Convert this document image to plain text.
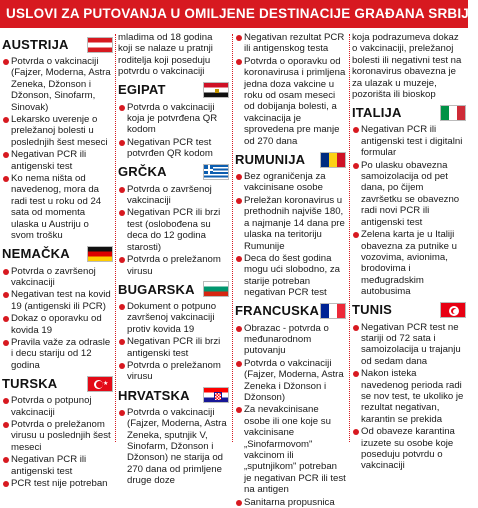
USLOVI ZA PUTOVANJA U OMILJENE DESTINACIJE GRAĐANA SRBIJE
AUSTRIJA
Potvrda o vakcinaciji (Fajzer, Moderna, Astra Zeneka, Džonson i Džonson, Sinofarm, Sinovak)
Lekarsko uverenje o preležanoj bolesti u poslednjih šest meseci
Negativan PCR ili antigenski test
Ko nema ništa od navedenog, mora da radi test u roku od 24 sata od momenta ulaska u Austriju o svom trošku
NEMAČKA
Potvrda o završenoj vakcinaciji
Negativan test na kovid 19 (antigenski ili PCR)
Dokaz o oporavku od kovida 19
Pravila važe za odrasle i decu stariju od 12 godina
TURSKA	★
Potvrda o potpunoj vakcinaciji
Potvrda o preležanom virusu u poslednjih šest meseci
Negativan PCR ili antigenski test
PCR test nije potreban
mladima od 18 godina koji se nalaze u pratnji roditelja koji poseduju potvrdu o vakcinaciji
EGIPAT
Potvrda o vakcinaciji koja je potvrđena QR kodom
Negativan PCR test potvrđen QR kodom
GRČKA
Potvrda o završenoj vakcinaciji
Negativan PCR ili brzi test (oslobođena su deca do 12 godina starosti)
Potvrda o preležanom virusu
BUGARSKA
Dokument o potpuno završenoj vakcinaciji protiv kovida 19
Negativan PCR ili brzi antigenski test
Potvrda o preležanom virusu
HRVATSKA
Potvrda o vakcinaciji (Fajzer, Moderna, Astra Zeneka, sputnjik V, Sinofarm, Džonson i Džonson) ne starija od 270 dana od primljene druge doze
Negativan rezultat PCR ili antigenskog testa
Potvrda o oporavku od koronavirusa i primljena jedna doza vakcine u roku od osam meseci od dobijanja bolesti, a vakcinacija je sprovedena pre manje od 270 dana
RUMUNIJA
Bez ograničenja za vakcinisane osobe
Preležan koronavirus u prethodnih najviše 180, a najmanje 14 dana pre ulaska na teritoriju Rumunije
Deca do šest godina mogu ući slobodno, za starije potreban negativan PCR test
FRANCUSKA
Obrazac - potvrda o međunarodnom putovanju
Potvrda o vakcinaciji (Fajzer, Moderna, Astra Zeneka i Džonson i Džonson)
Za nevakcinisane osobe ili one koje su vakcinisane „Sinofarmovom" vakcinom ili „sputnjikom" potreban je negativan PCR ili test na antigen
Sanitarna propusnica
koja podrazumeva dokaz o vakcinaciji, preležanoj bolesti ili negativni test na koronavirus obavezna je za ulazak u muzeje, pozorišta ili bioskop
ITALIJA
Negativan PCR ili antigenski test i digitalni formular
Po ulasku obavezna samoizolacija od pet dana, po čijem završetku se obavezno radi novi PCR ili antigenski test
Zelena karta je u Italiji obavezna za putnike u vozovima, avionima, brodovima i međugradskim autobusima
TUNIS
Negativan PCR test ne stariji od 72 sata i samoizolacija u trajanju od sedam dana
Nakon isteka navedenog perioda radi se nov test, te ukoliko je rezultat negativan, karantin se prekida
Od obaveze karantina izuzete su osobe koje poseduju potvrdu o vakcinaciji
